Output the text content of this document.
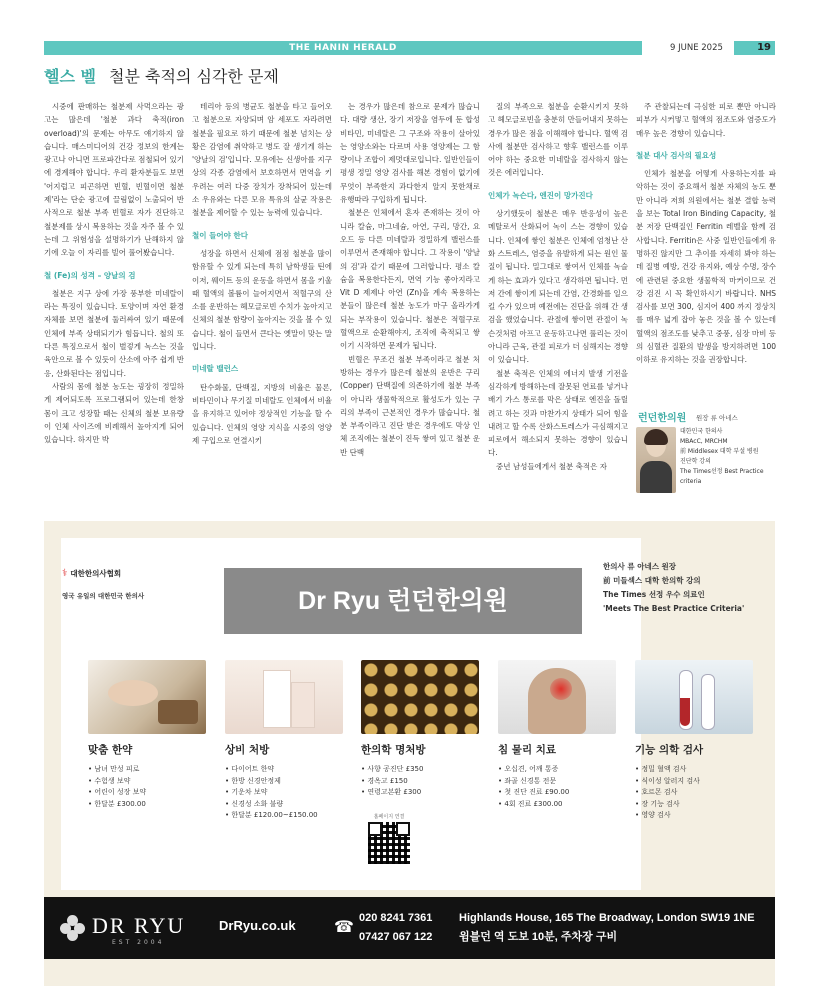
THE HANIN HERALD	9 JUNE 2025	19
헬스 벨 철분 축적의 심각한 문제

시중에 판매하는 철분제 사먹으라는 광고는 많은데 '철분 과다 축적(iron overload)'의 문제는 아무도 얘기하지 않습니다. 매스미디어의 건강 정보의 한계는 광고나 아니면 프로파간다로 점철되어 있기에 경계해야 합니다. 우리 환자분들도 보면 '어지럽고 피곤하면 빈혈, 빈혈이면 철분제'라는 단순 광고에 끌림없이 노출되어 반사적으로 철분 부족 빈혈로 자가 진단하고 철분제를 상시 복용하는 것을 자주 볼 수 있는데 그 위험성을 설명하기가 난해하지 않기에 오늘 이 자리를 빌어 풀어봤습니다.

철 (Fe)의 성격 – 양날의 검

철분은 지구 상에 가장 풍부한 미네랄이라는 특징이 있습니다. 토양이며 자연 환경 자체를 보면 철분에 둘러싸여 있기 때문에 인체에 부족 상태되기가 힘듭니다. 철의 또다른 특징으로서 철이 벌겋게 녹스는 것을 육안으로 볼 수 있듯이 산소에 아주 쉽게 반응, 산화된다는 점입니다.

사람의 몸에 철분 농도는 굉장히 정밀하게 제어되도록 프로그램되어 있는데 한창 몸이 크고 성장할 때는 신체의 철분 보유량이 인체 사이즈에 비례해서 높아지게 되어 있습니다. 하지만 박

테리아 등의 병균도 철분을 타고 들어오고 철분으로 자양되며 암 세포도 자라려면 철분을 필요로 하기 때문에 철분 넘치는 상황은 감염에 취약하고 병도 잘 생기게 하는 '양날의 검'입니다. 모유에는 신생아를 지구 상의 각종 감염에서 보호하면서 면역을 키우려는 여러 다중 장치가 장착되어 있는데 소 우유와는 다른 모유 특유의 살균 작용은 철분을 제어할 수 있는 능력에 있습니다.

철이 들어야 한다

성장을 하면서 신체에 점점 철분을 많이 함유할 수 있게 되는데 특히 남학생들 틴에이저, 웨이트 등의 운동을 하면서 몸을 키울 때 혈액의 볼륨이 늘어지면서 적혈구의 산소를 운반하는 헤모글로빈 수치가 높아지고 신체의 철분 함량이 높아지는 것을 볼 수 있습니다. 철이 들면서 큰다는 옛말이 맞는 말입니다.

미네랄 밸런스

탄수화물, 단백질, 지방의 비율은 물론, 비타민이나 무기질 미네랄도 인체에서 비율을 유지하고 있어야 정상적인 기능을 할 수 있습니다. 인체의 영양 지식을 시중의 영양제 구입으로 연결시키

는 경우가 많은데 참으로 문제가 많습니다. 대량 생산, 장기 저장을 염두에 둔 합성 비타민, 미네랄은 그 구조와 작용이 살아있는 영양소와는 다르며 사용 영양제는 그 함량이나 조합이 제멋대로입니다. 일반인들이 평생 정밀 영양 검사를 해본 경험이 없기에 무엇이 부족한지 과다한지 알지 못한채로 유행따라 구입하게 됩니다.

철분은 인체에서 혼자 존재하는 것이 아니라 칼슘, 마그네슘, 아연, 구리, 망간, 요오드 등 다른 미네랄과 정밀하게 밸런스를 이루면서 존재해야 합니다. 그 작용이 '양날의 검'과 같기 때문에 그러합니다. 평소 칼슘을 복용한다든지, 면역 기능 좋아지라고 Vit D 제제나 아연 (Zn)을 계속 복용하는 분들이 많은데 철분 농도가 마구 올라가게 되는 부작용이 있습니다. 철분은 적혈구로 혈액으로 순환해야지, 조직에 축적되고 쌓이기 시작하면 문제가 됩니다.

빈혈은 무조건 철분 부족이라고 철분 처방하는 경우가 많은데 철분의 운반은 구리(Copper) 단백질에 의존하기에 철분 부족이 아니라 생물학적으로 활성도가 있는 구리의 부족이 근본적인 경우가 많습니다. 철분 부족이라고 진단 받은 경우에도 막상 인체 조직에는 철분이 진득 쌓여 있고 철분 운반 단백

질의 부족으로 철분을 순환시키지 못하고 헤모글로빈을 충분히 만들어내지 못하는 경우가 많은 점을 이해해야 합니다. 혈액 검사에 철분만 검사하고 향후 밸런스를 이루어야 하는 중요한 미네랄을 검사하지 않는 것은 에러입니다.

인체가 녹슨다, 엔진이 망가진다

상기했듯이 철분은 매우 반응성이 높은 메탈로서 산화되어 녹이 스는 경향이 있습니다. 인체에 쌓인 철분은 인체에 엄청난 산화 스트레스, 염증을 유발하게 되는 원인 물질이 됩니다. 밀그대로 쌓여서 인체를 녹슬게 하는 효과가 있다고 생각하면 됩니다. 먼저 간에 쌓이게 되는데 간염, 간경화를 일으킬 수가 있으며 예전에는 진단을 위해 간 생검을 했었습니다. 관절에 쌓이면 관절이 녹슨것처럼 아프고 운동하고나면 풀리는 것이 아니라 근육, 관절 피로가 더 심해지는 경향이 있습니다.

철분 축적은 인체의 에너지 발생 기전을 심각하게 방해하는데 잘못된 연료를 넣거나 배기 가스 통로를 막은 상태로 엔진을 돌릴려고 하는 것과 마찬가지 상태가 되어 힘을 내려고 할 수록 산화스트레스가 극심해지고 피로에서 해소되지 못하는 경향이 있습니다.

중년 남성들에게서 철분 축적은 자

주 관찰되는데 극심한 피로 뿐만 아니라 피부가 시커멓고 혈액의 점조도와 염증도가 매우 높은 경향이 있습니다.

철분 대사 검사의 필요성

인체가 철분을 어떻게 사용하는지를 파악하는 것이 중요해서 철분 자체의 농도 뿐만 아니라 저희 의원에서는 철분 결합 능력을 보는 Total Iron Binding Capacity, 철분 저장 단백질인 Ferritin 레벨을 함께 검사합니다. Ferritin은 사중 일반인들에게 유명하진 않지만 그 추이를 자세히 봐야 하는데 질병 예방, 건강 유지와, 예상 수명, 장수에 관련된 중요한 생물학적 마커이므로 건강 검진 시 꼭 확인하시기 바랍니다. NHS 검사를 보면 300, 심지어 400 까지 정상치를 매우 넓게 잡아 놓은 것을 볼 수 있는데 혈액의 점조도를 낮추고 중풍, 심장 마비 등의 심혈관 질환의 발생을 방지하려면 100 이하로 유지하는 것을 권장합니다.

런던한의원 원장 류 아네스
대한민국 한의사
MBAcC, MRCHM
前 Middlesex 대학 부설 병원
진단학 강의
The Times선정 Best Practice criteria
⚕ 대한한의사협회
영국 유일의 대한민국 한의사	Dr Ryu 런던한의원
한의사 류 아네스 원장
前 미들섹스 대학 한의학 강의
The Times 선정 우수 의료인
'Meets The Best Practice Criteria'
맞춤 한약
• 남녀 만성 피로
• 수험생 보약
• 어린이 성장 보약
• 한달분 £300.00
상비 처방
• 다이어트 한약
• 한방 신경안정제
• 기운차 보약
• 신경성 소화 불량
• 한달분 £120.00~£150.00
한의학 명처방
• 사향 공진단 £350
• 경옥고 £150
• 연령고본환 £300
침 물리 치료
• 오십견, 어깨 통증
• 좌골 신경통 전문
• 첫 진단 진료 £90.00
• 4회 진료 £300.00
기능 의학 검사
• 정밀 혈액 검사
• 식이성 알러지 검사
• 호르몬 검사
• 장 기능 검사
• 영양 검사
홈페이지 연결
DR RYU
EST 2004
DrRyu.co.uk ☎ 020 8241 7361
07427 067 122
Highlands House, 165 The Broadway, London SW19 1NE
윔블던 역 도보 10분, 주차장 구비
